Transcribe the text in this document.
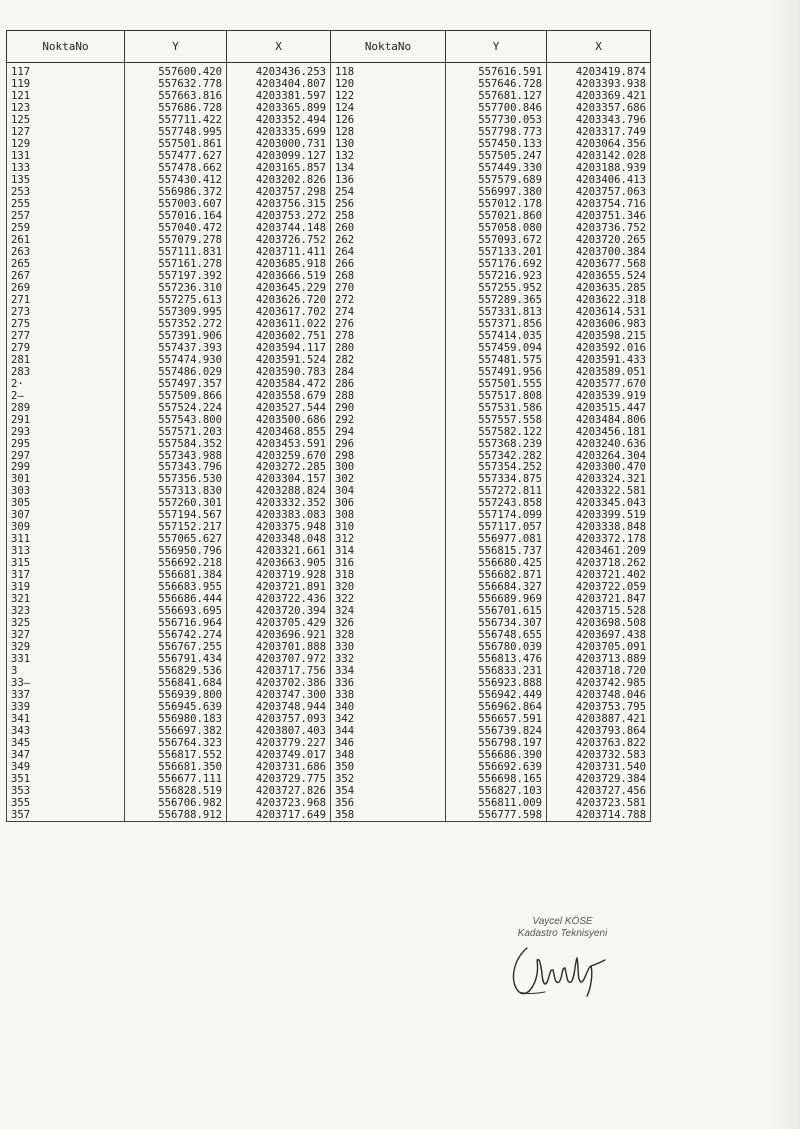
NoktaNo	Y	X	NoktaNo	Y	X
117	557600.420	4203436.253	118	557616.591	4203419.874
119	557632.778	4203404.807	120	557646.728	4203393.938
121	557663.816	4203381.597	122	557681.127	4203369.421
123	557686.728	4203365.899	124	557700.846	4203357.686
125	557711.422	4203352.494	126	557730.053	4203343.796
127	557748.995	4203335.699	128	557798.773	4203317.749
129	557501.861	4203000.731	130	557450.133	4203064.356
131	557477.627	4203099.127	132	557505.247	4203142.028
133	557478.662	4203165.857	134	557449.330	4203188.939
135	557430.412	4203202.826	136	557579.689	4203406.413
253	556986.372	4203757.298	254	556997.380	4203757.063
255	557003.607	4203756.315	256	557012.178	4203754.716
257	557016.164	4203753.272	258	557021.860	4203751.346
259	557040.472	4203744.148	260	557058.080	4203736.752
261	557079.278	4203726.752	262	557093.672	4203720.265
263	557111.831	4203711.411	264	557133.201	4203700.384
265	557161.278	4203685.918	266	557176.692	4203677.568
267	557197.392	4203666.519	268	557216.923	4203655.524
269	557236.310	4203645.229	270	557255.952	4203635.285
271	557275.613	4203626.720	272	557289.365	4203622.318
273	557309.995	4203617.702	274	557331.813	4203614.531
275	557352.272	4203611.022	276	557371.856	4203606.983
277	557391.906	4203602.751	278	557414.035	4203598.215
279	557437.393	4203594.117	280	557459.094	4203592.016
281	557474.930	4203591.524	282	557481.575	4203591.433
283	557486.029	4203590.783	284	557491.956	4203589.051
2·	557497.357	4203584.472	286	557501.555	4203577.670
2‒	557509.866	4203558.679	288	557517.808	4203539.919
289	557524.224	4203527.544	290	557531.586	4203515.447
291	557543.800	4203500.686	292	557557.558	4203484.806
293	557571.203	4203468.855	294	557582.122	4203456.181
295	557584.352	4203453.591	296	557368.239	4203240.636
297	557343.988	4203259.670	298	557342.282	4203264.304
299	557343.796	4203272.285	300	557354.252	4203300.470
301	557356.530	4203304.157	302	557334.875	4203324.321
303	557313.830	4203288.824	304	557272.811	4203322.581
305	557260.301	4203332.352	306	557243.858	4203345.043
307	557194.567	4203383.083	308	557174.099	4203399.519
309	557152.217	4203375.948	310	557117.057	4203338.848
311	557065.627	4203348.048	312	556977.081	4203372.178
313	556950.796	4203321.661	314	556815.737	4203461.209
315	556692.218	4203663.905	316	556680.425	4203718.262
317	556681.384	4203719.928	318	556682.871	4203721.402
319	556683.955	4203721.891	320	556684.327	4203722.059
321	556686.444	4203722.436	322	556689.969	4203721.847
323	556693.695	4203720.394	324	556701.615	4203715.528
325	556716.964	4203705.429	326	556734.307	4203698.508
327	556742.274	4203696.921	328	556748.655	4203697.438
329	556767.255	4203701.888	330	556780.039	4203705.091
331	556791.434	4203707.972	332	556813.476	4203713.889
3	556829.536	4203717.756	334	556833.231	4203718.720
33‒	556841.684	4203702.386	336	556923.888	4203742.985
337	556939.800	4203747.300	338	556942.449	4203748.046
339	556945.639	4203748.944	340	556962.864	4203753.795
341	556980.183	4203757.093	342	556657.591	4203887.421
343	556697.382	4203807.403	344	556739.824	4203793.864
345	556764.323	4203779.227	346	556798.197	4203763.822
347	556817.552	4203749.017	348	556686.390	4203732.583
349	556681.350	4203731.686	350	556692.639	4203731.540
351	556677.111	4203729.775	352	556698.165	4203729.384
353	556828.519	4203727.826	354	556827.103	4203727.456
355	556706.982	4203723.968	356	556811.009	4203723.581
357	556788.912	4203717.649	358	556777.598	4203714.788
Vaycel KÖSE
Kadastro Teknisyeni
